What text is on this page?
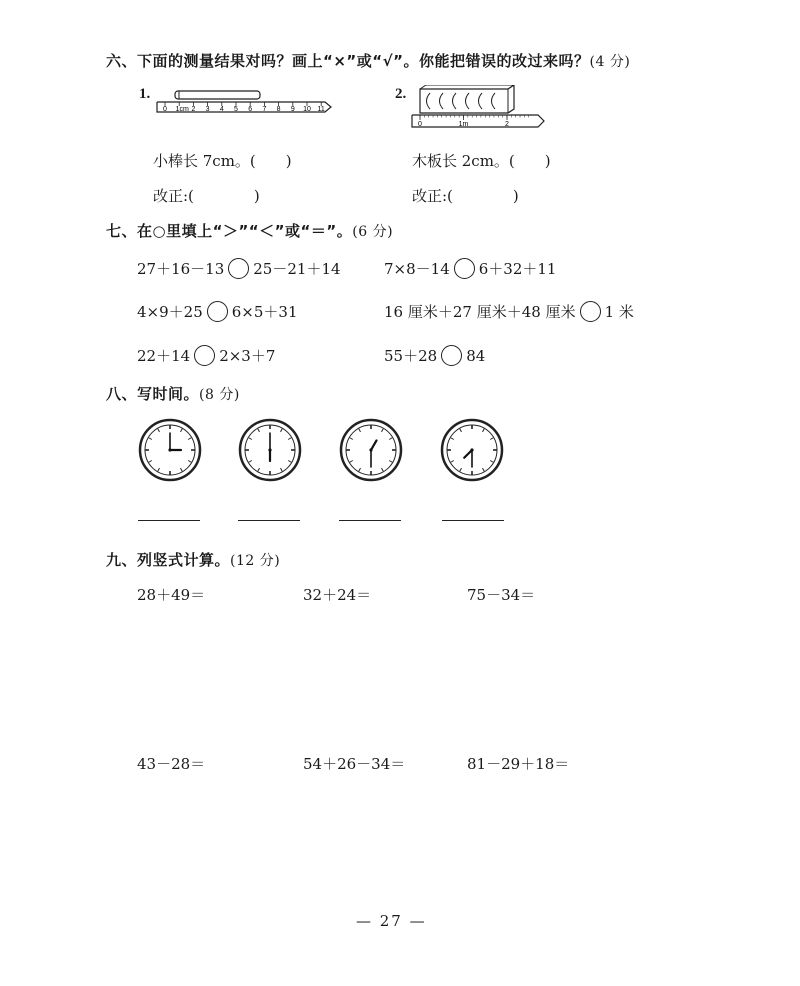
六、下面的测量结果对吗？画上“×”或“√”。你能把错误的改过来吗？(4 分)
1.
0 1cm 2 3 4 5 6 7 8 9 10 11
2.
0	1m	2
小棒长 7cm。(　　)	木板长 2cm。(　　)
改正:(　　　　)	改正:(　　　　)
七、在○里填上“＞”“＜”或“＝”。(6 分)
27＋16－13 25－21＋14	7×8－14 6＋32＋11
4×9＋25 6×5＋31	16 厘米＋27 厘米＋48 厘米 1 米
22＋14 2×3＋7	55＋28 84
八、写时间。(8 分)
九、列竖式计算。(12 分)
28＋49＝	32＋24＝	75－34＝
43－28＝	54＋26－34＝	81－29＋18＝
— 27 —
